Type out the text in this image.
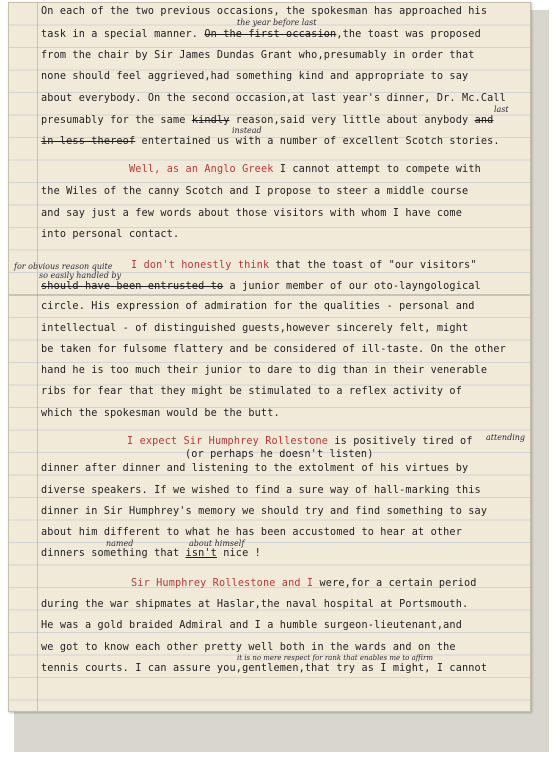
On each of the two previous occasions, the spokesman has approached his
task in a special manner. On the first occasion,the toast was proposed
from the chair by Sir James Dundas Grant who,presumably in order that
none should feel aggrieved,had something kind and appropriate to say
about everybody. On the second occasion,at last year's dinner, Dr. Mc.Call
presumably for the same kindly reason,said very little about anybody and
in less thereof entertained us with a number of excellent Scotch stories.
Well, as an Anglo Greek I cannot attempt to compete with
the Wiles of the canny Scotch and I propose to steer a middle course
and say just a few words about those visitors with whom I have come
into personal contact.
I don't honestly think that the toast of "our visitors"
should have been entrusted to a junior member of our oto-layngological
circle. His expression of admiration for the qualities - personal and
intellectual - of distinguished guests,however sincerely felt, might
be taken for fulsome flattery and be considered of ill-taste. On the other
hand he is too much their junior to dare to dig than in their venerable
ribs for fear that they might be stimulated to a reflex activity of
which the spokesman would be the butt.
I expect Sir Humphrey Rollestone is positively tired of
(or perhaps he doesn't listen)
dinner after dinner and listening to the extolment of his virtues by
diverse speakers. If we wished to find a sure way of hall-marking this
dinner in Sir Humphrey's memory we should try and find something to say
about him different to what he has been accustomed to hear at other
dinners something that isn't nice !
Sir Humphrey Rollestone and I were,for a certain period
during the war shipmates at Haslar,the naval hospital at Portsmouth.
He was a gold braided Admiral and I a humble surgeon-lieutenant,and
we got to know each other pretty well both in the wards and on the
tennis courts. I can assure you,gentlemen,that try as I might, I cannot
the year before last
last
instead
for obvious reason quite
so easily handled by
attending
named	about himself
it is no mere respect for rank that enables me to affirm
